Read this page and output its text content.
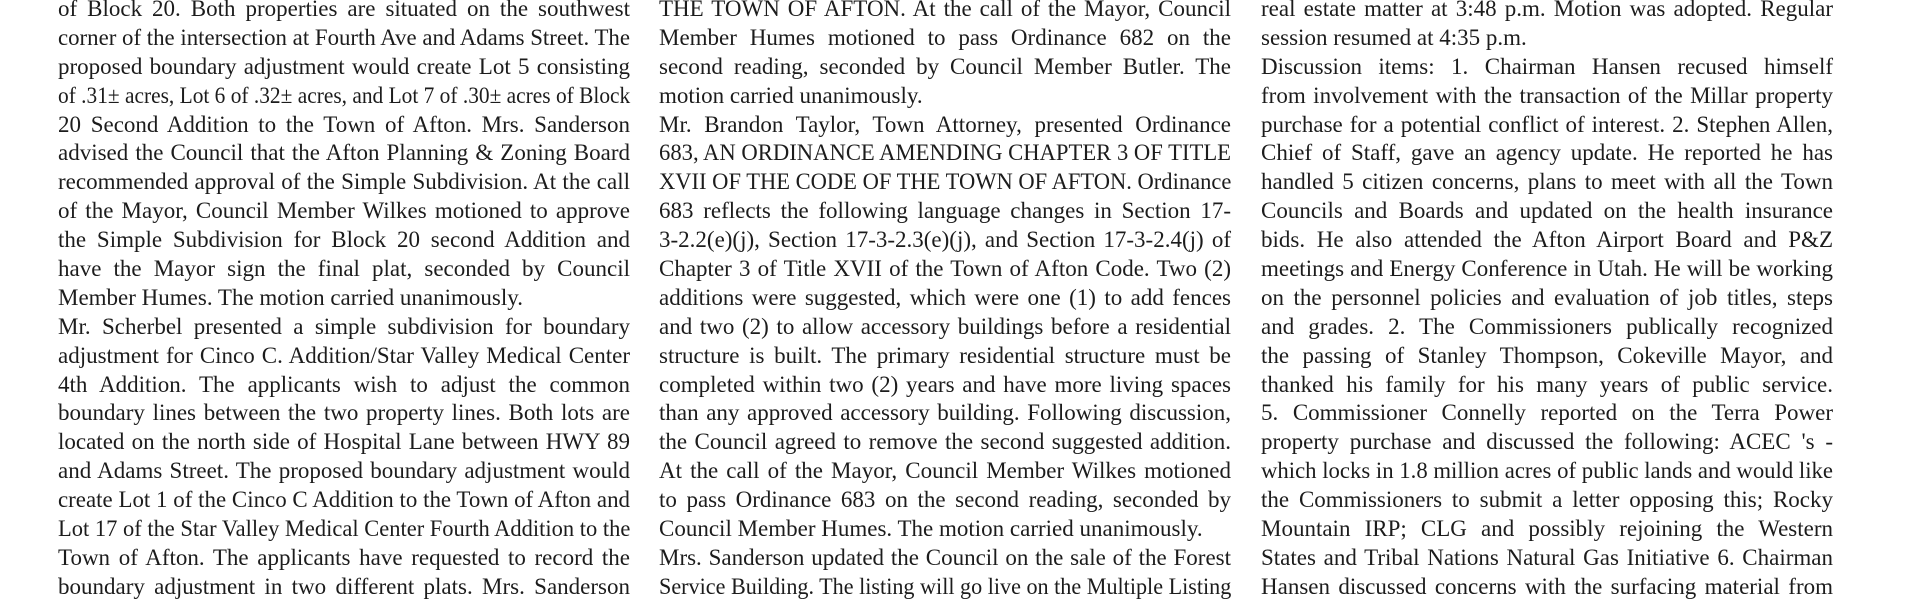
of Block 20. Both properties are situated on the southwest
corner of the intersection at Fourth Ave and Adams Street. The
proposed boundary adjustment would create Lot 5 consisting
of .31± acres, Lot 6 of .32± acres, and Lot 7 of .30± acres of Block
20 Second Addition to the Town of Afton. Mrs. Sanderson
advised the Council that the Afton Planning & Zoning Board
recommended approval of the Simple Subdivision. At the call
of the Mayor, Council Member Wilkes motioned to approve
the Simple Subdivision for Block 20 second Addition and
have the Mayor sign the final plat, seconded by Council
Member Humes. The motion carried unanimously.
Mr. Scherbel presented a simple subdivision for boundary
adjustment for Cinco C. Addition/Star Valley Medical Center
4th Addition. The applicants wish to adjust the common
boundary lines between the two property lines. Both lots are
located on the north side of Hospital Lane between HWY 89
and Adams Street. The proposed boundary adjustment would
create Lot 1 of the Cinco C Addition to the Town of Afton and
Lot 17 of the Star Valley Medical Center Fourth Addition to the
Town of Afton. The applicants have requested to record the
boundary adjustment in two different plats. Mrs. Sanderson
THE TOWN OF AFTON. At the call of the Mayor, Council
Member Humes motioned to pass Ordinance 682 on the
second reading, seconded by Council Member Butler. The
motion carried unanimously.
Mr. Brandon Taylor, Town Attorney, presented Ordinance
683, AN ORDINANCE AMENDING CHAPTER 3 OF TITLE
XVII OF THE CODE OF THE TOWN OF AFTON. Ordinance
683 reflects the following language changes in Section 17-
3-2.2(e)(j), Section 17-3-2.3(e)(j), and Section 17-3-2.4(j) of
Chapter 3 of Title XVII of the Town of Afton Code. Two (2)
additions were suggested, which were one (1) to add fences
and two (2) to allow accessory buildings before a residential
structure is built. The primary residential structure must be
completed within two (2) years and have more living spaces
than any approved accessory building. Following discussion,
the Council agreed to remove the second suggested addition.
At the call of the Mayor, Council Member Wilkes motioned
to pass Ordinance 683 on the second reading, seconded by
Council Member Humes. The motion carried unanimously.
Mrs. Sanderson updated the Council on the sale of the Forest
Service Building. The listing will go live on the Multiple Listing
real estate matter at 3:48 p.m. Motion was adopted. Regular
session resumed at 4:35 p.m.
Discussion items: 1. Chairman Hansen recused himself
from involvement with the transaction of the Millar property
purchase for a potential conflict of interest. 2. Stephen Allen,
Chief of Staff, gave an agency update. He reported he has
handled 5 citizen concerns, plans to meet with all the Town
Councils and Boards and updated on the health insurance
bids. He also attended the Afton Airport Board and P&Z
meetings and Energy Conference in Utah. He will be working
on the personnel policies and evaluation of job titles, steps
and grades. 2. The Commissioners publically recognized
the passing of Stanley Thompson, Cokeville Mayor, and
thanked his family for his many years of public service.
5. Commissioner Connelly reported on the Terra Power
property purchase and discussed the following: ACEC 's -
which locks in 1.8 million acres of public lands and would like
the Commissioners to submit a letter opposing this; Rocky
Mountain IRP; CLG and possibly rejoining the Western
States and Tribal Nations Natural Gas Initiative 6. Chairman
Hansen discussed concerns with the surfacing material from
